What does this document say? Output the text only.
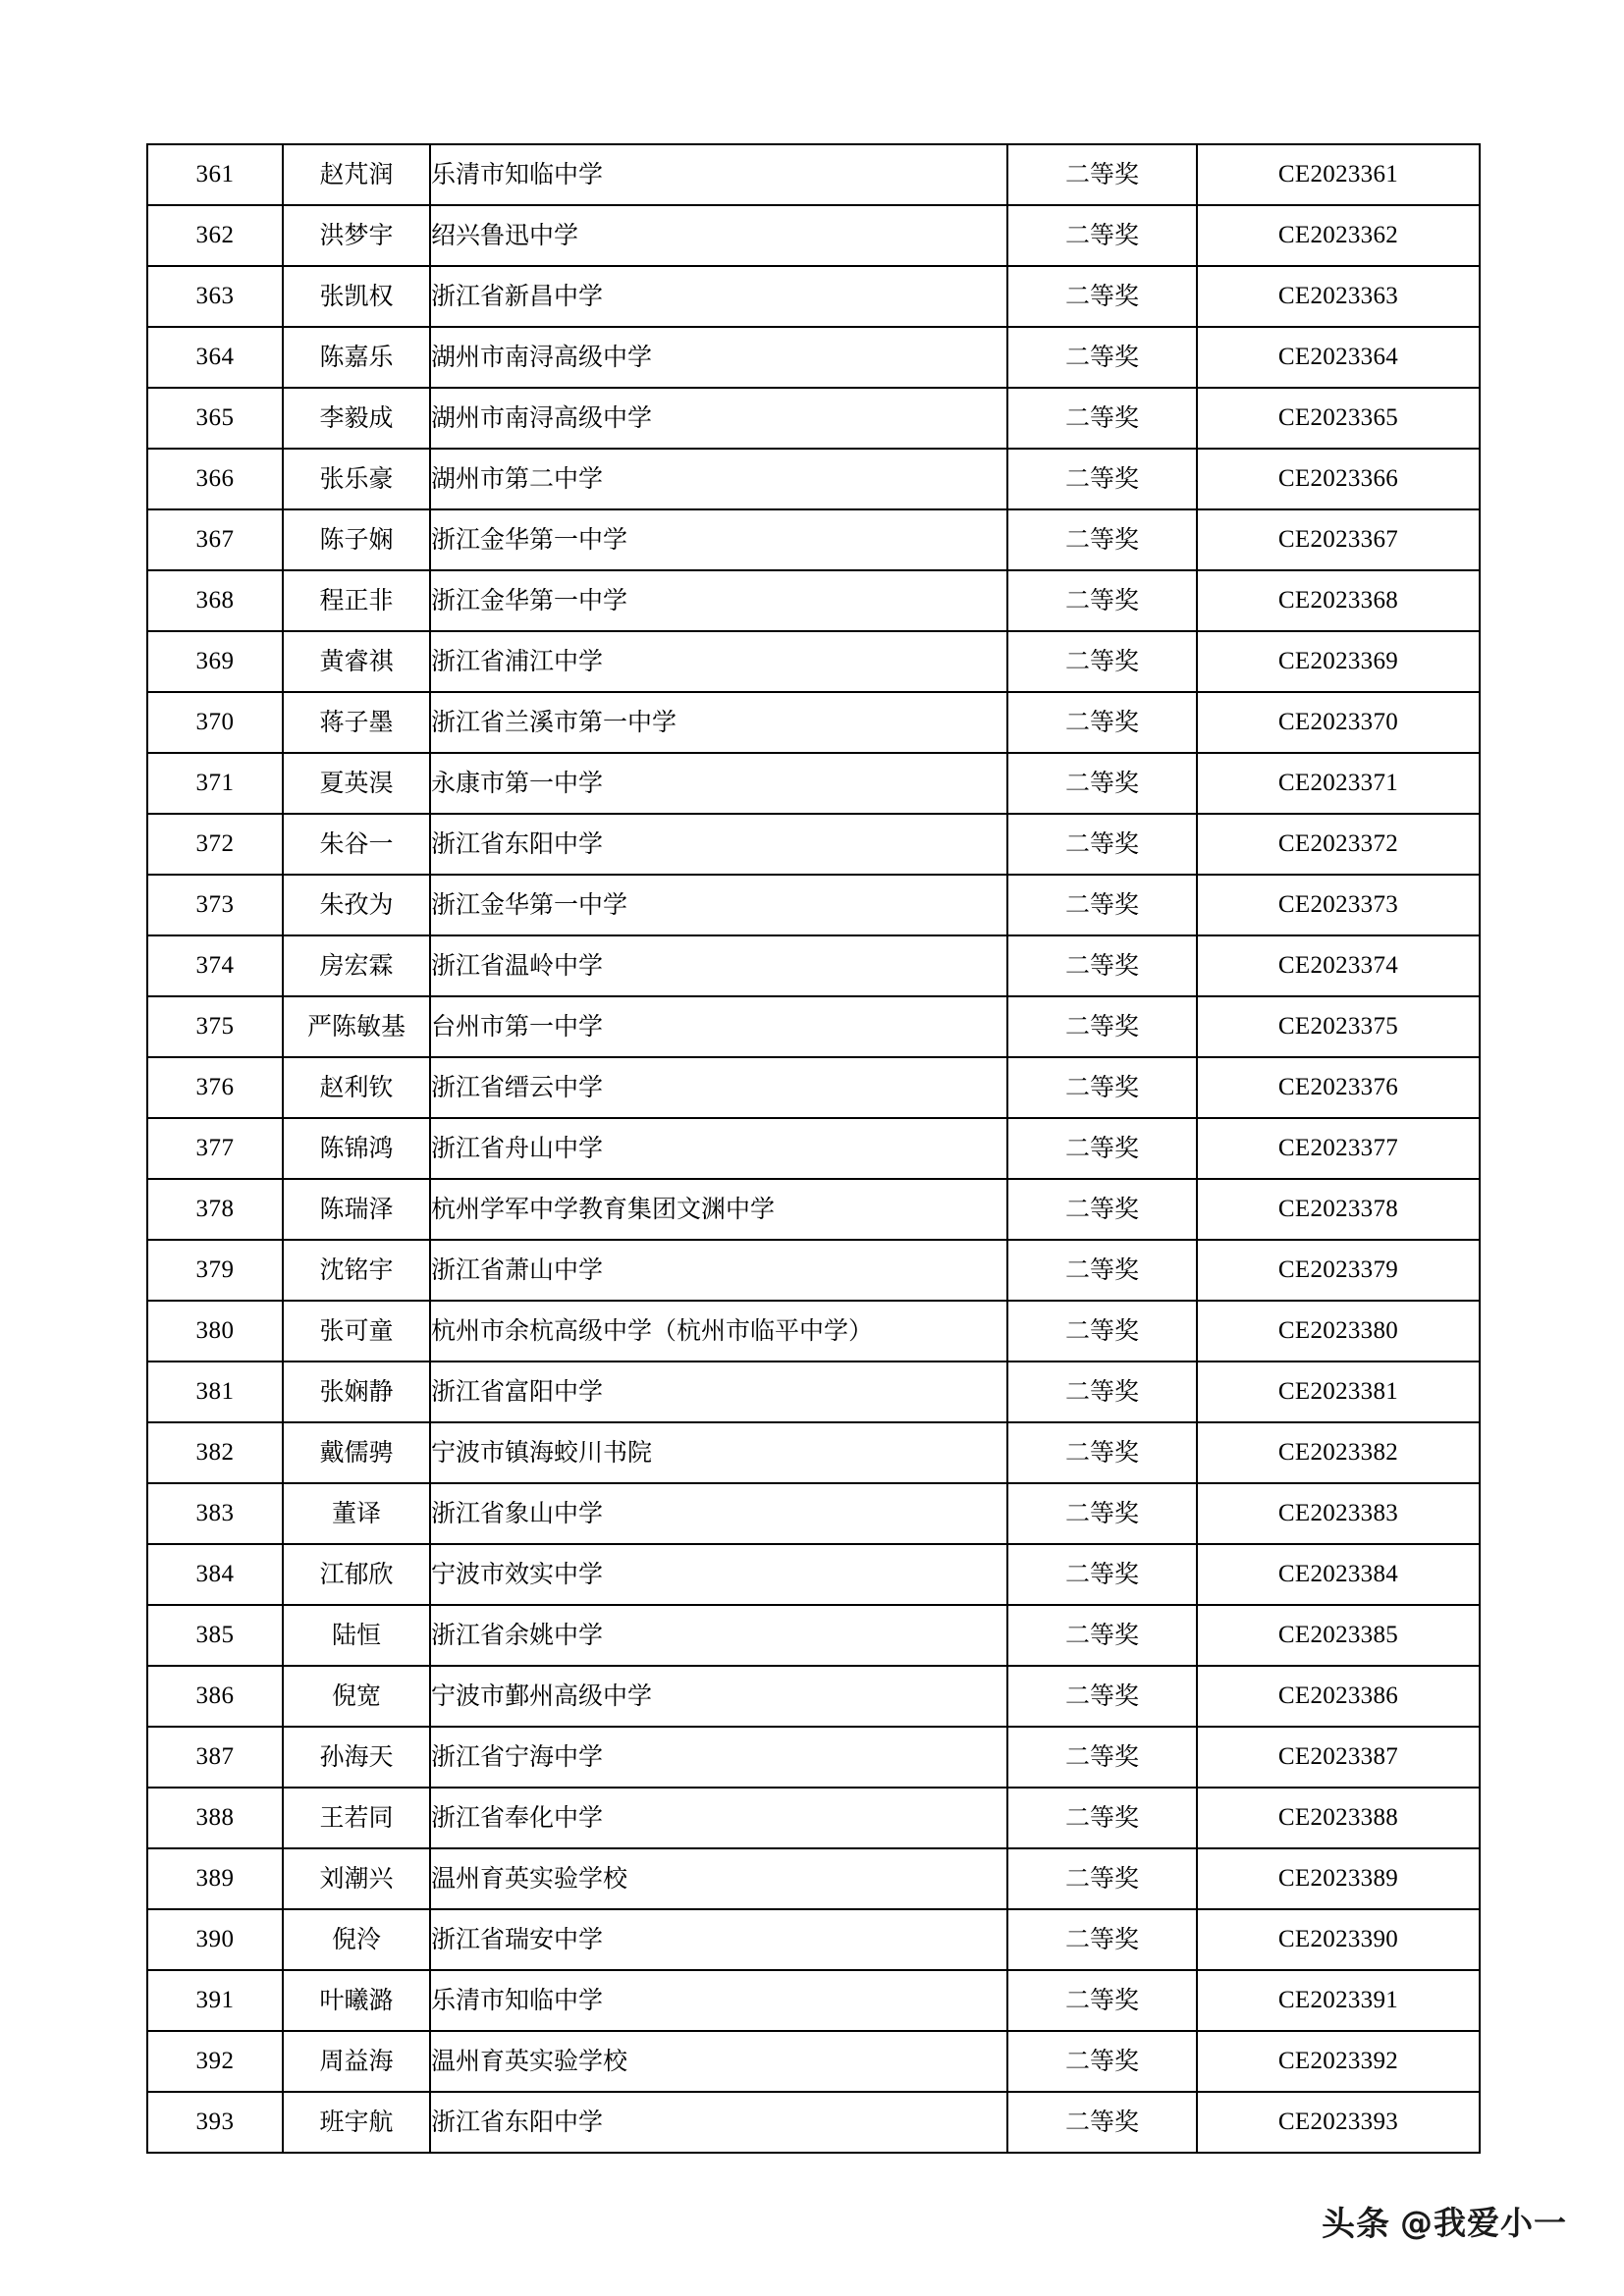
361	赵芃润	乐清市知临中学	二等奖	CE2023361
362	洪梦宇	绍兴鲁迅中学	二等奖	CE2023362
363	张凯权	浙江省新昌中学	二等奖	CE2023363
364	陈嘉乐	湖州市南浔高级中学	二等奖	CE2023364
365	李毅成	湖州市南浔高级中学	二等奖	CE2023365
366	张乐豪	湖州市第二中学	二等奖	CE2023366
367	陈子娴	浙江金华第一中学	二等奖	CE2023367
368	程正非	浙江金华第一中学	二等奖	CE2023368
369	黄睿祺	浙江省浦江中学	二等奖	CE2023369
370	蒋子墨	浙江省兰溪市第一中学	二等奖	CE2023370
371	夏英淏	永康市第一中学	二等奖	CE2023371
372	朱谷一	浙江省东阳中学	二等奖	CE2023372
373	朱孜为	浙江金华第一中学	二等奖	CE2023373
374	房宏霖	浙江省温岭中学	二等奖	CE2023374
375	严陈敏基	台州市第一中学	二等奖	CE2023375
376	赵利钦	浙江省缙云中学	二等奖	CE2023376
377	陈锦鸿	浙江省舟山中学	二等奖	CE2023377
378	陈瑞泽	杭州学军中学教育集团文渊中学	二等奖	CE2023378
379	沈铭宇	浙江省萧山中学	二等奖	CE2023379
380	张可童	杭州市余杭高级中学（杭州市临平中学）	二等奖	CE2023380
381	张娴静	浙江省富阳中学	二等奖	CE2023381
382	戴儒骋	宁波市镇海蛟川书院	二等奖	CE2023382
383	董译	浙江省象山中学	二等奖	CE2023383
384	江郁欣	宁波市效实中学	二等奖	CE2023384
385	陆恒	浙江省余姚中学	二等奖	CE2023385
386	倪宽	宁波市鄞州高级中学	二等奖	CE2023386
387	孙海天	浙江省宁海中学	二等奖	CE2023387
388	王若同	浙江省奉化中学	二等奖	CE2023388
389	刘潮兴	温州育英实验学校	二等奖	CE2023389
390	倪泠	浙江省瑞安中学	二等奖	CE2023390
391	叶曦潞	乐清市知临中学	二等奖	CE2023391
392	周益海	温州育英实验学校	二等奖	CE2023392
393	班宇航	浙江省东阳中学	二等奖	CE2023393
头条 @我爱小一
